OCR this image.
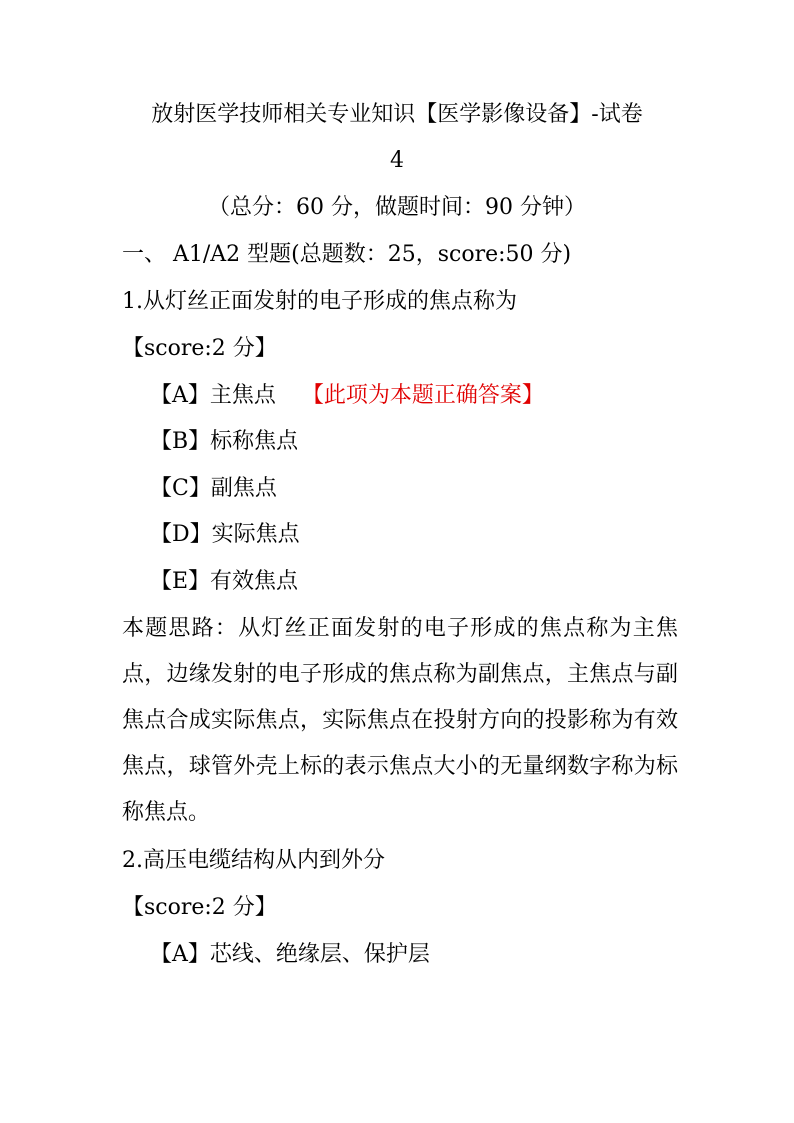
放射医学技师相关专业知识【医学影像设备】-试卷
4
（总分：60 分，做题时间：90 分钟）
一、 A1/A2 型题(总题数：25，score:50 分)
1.从灯丝正面发射的电子形成的焦点称为
【score:2 分】
【A】主焦点 【此项为本题正确答案】
【B】标称焦点
【C】副焦点
【D】实际焦点
【E】有效焦点
本题思路：从灯丝正面发射的电子形成的焦点称为主焦点，边缘发射的电子形成的焦点称为副焦点，主焦点与副焦点合成实际焦点，实际焦点在投射方向的投影称为有效焦点，球管外壳上标的表示焦点大小的无量纲数字称为标称焦点。
2.高压电缆结构从内到外分
【score:2 分】
【A】芯线、绝缘层、保护层
